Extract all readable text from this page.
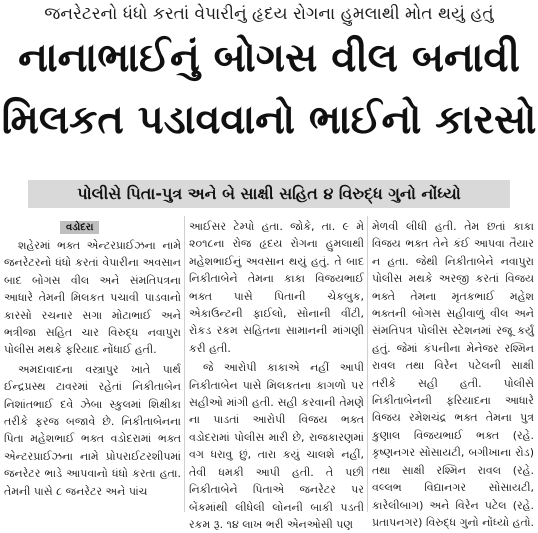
જનરેટરનો ધંધો કરતાં વેપારીનું હૃદય રોગના હુમલાથી મોત થયું હતું
નાનાભાઈનું બોગસ વીલ બનાવી
મિલકત પડાવવાનો ભાઈનો કારસો
પોલીસે પિતા-પુત્ર અને બે સાક્ષી સહિત ૪ વિરુદ્ધ ગુનો નોંધ્યો
વડોદરા

શહેરમાં ભક્ત એન્ટરપ્રાઈઝના નામે જનરેટરનો ધંધો કરતાં વેપારીના અવસાન બાદ બોગસ વીલ અને સંમતિપત્રના આધારે તેમની મિલકત પચાવી પાડવાનો કારસો રચનાર સગા મોટાભાઈ અને ભત્રીજા સહિત ચાર વિરુદ્ધ નવાપુરા પોલીસ મથકે ફરિયાદ નોંધાઈ હતી.

અમદાવાદના વસ્ત્રાપુર ખાતે પાર્થ ઈન્દ્રપ્રસ્થ ટાવરમાં રહેતાં નિકીતાબેન નિશાંતભાઈ દવે ઝેબા સ્કુલમાં શિક્ષીકા તરીકે ફરજ બજાવે છે. નિકીતાબેનના પિતા મહેશભાઈ ભક્ત વડોદરામાં ભક્ત એન્ટરપ્રાઈઝના નામે પ્રોપરાઈટરશીપમાં જનરેટર ભાડે આપવાનો ધંધો કરતા હતા. તેમની પાસે ૮ જનરેટર અને પાંચ

આઈસર ટેમ્પો હતા. જોકે, તા. ૯ મે ૨૦૧૮ના રોજ હૃદય રોગના હુમલાથી મહેશભાઈનું અવસાન થયું હતું. તે બાદ નિકીતાબેને તેમના કાકા વિજયભાઈ ભક્ત પાસે પિતાની ચેકબુક, એકાઉન્ટની ફાઈલો, સોનાની વીંટી, રોકડ રકમ સહિતના સામાનની માંગણી કરી હતી.

જે આરોપી કાકાએ નહીં આપી નિકીતાબેન પાસે મિલકતના કાગળો પર સહીઓ માંગી હતી. સહી કરવાની તેમણે ના પાડતાં આરોપી વિજય ભક્ત વડોદરામાં પોલીસ મારી છે, રાજકારણમાં વગ ધરાવુ છું, તારા કયું ચાલશે નહીં, તેવી ધમકી આપી હતી. તે પછી નિકીતાબેને પિતાએ જનરેટર પર બેંકમાંથી લીધેલી લોનની બાકી પડતી રકમ રૂ. ૧૪ લાખ ભરી એનઓસી પણ

મેળવી લીધી હતી. તેમ છતાં કાકા વિજય ભક્ત તેને કંઈ આપવા તૈયાર ન હતા. જેથી નિકીતાબેને નવાપુરા પોલીસ મથકે અરજી કરતાં વિજય ભક્તે તેમના મૃતકભાઈ મહેશ ભક્તની બોગસ સહીવાળું વીલ અને સંમતિપત્ર પોલીસ સ્ટેશનમાં રજૂ કર્યું હતું. જેમાં કંપનીના મેનેજર રશ્મિન રાવલ તથા વિરેન પટેલની સાક્ષી તરીકે સહી હતી. પોલીસે નિકીતાબેનની ફરિયાદના આધારે વિજય રમેશચંદ્ર ભક્ત તેમના પુત્ર કુણાલ વિજયભાઈ ભક્ત (રહે. કૃષ્ણનગર સોસાયટી, બગીખાના રોડ) તથા સાક્ષી રશ્મિન રાવલ (રહે. વલ્લભ વિદ્યાનગર સોસાયટી, કારેલીબાગ) અને વિરેન પટેલ (રહે. પ્રતાપનગર) વિરુદ્ધ ગુનો નોંધ્યો હતો.
